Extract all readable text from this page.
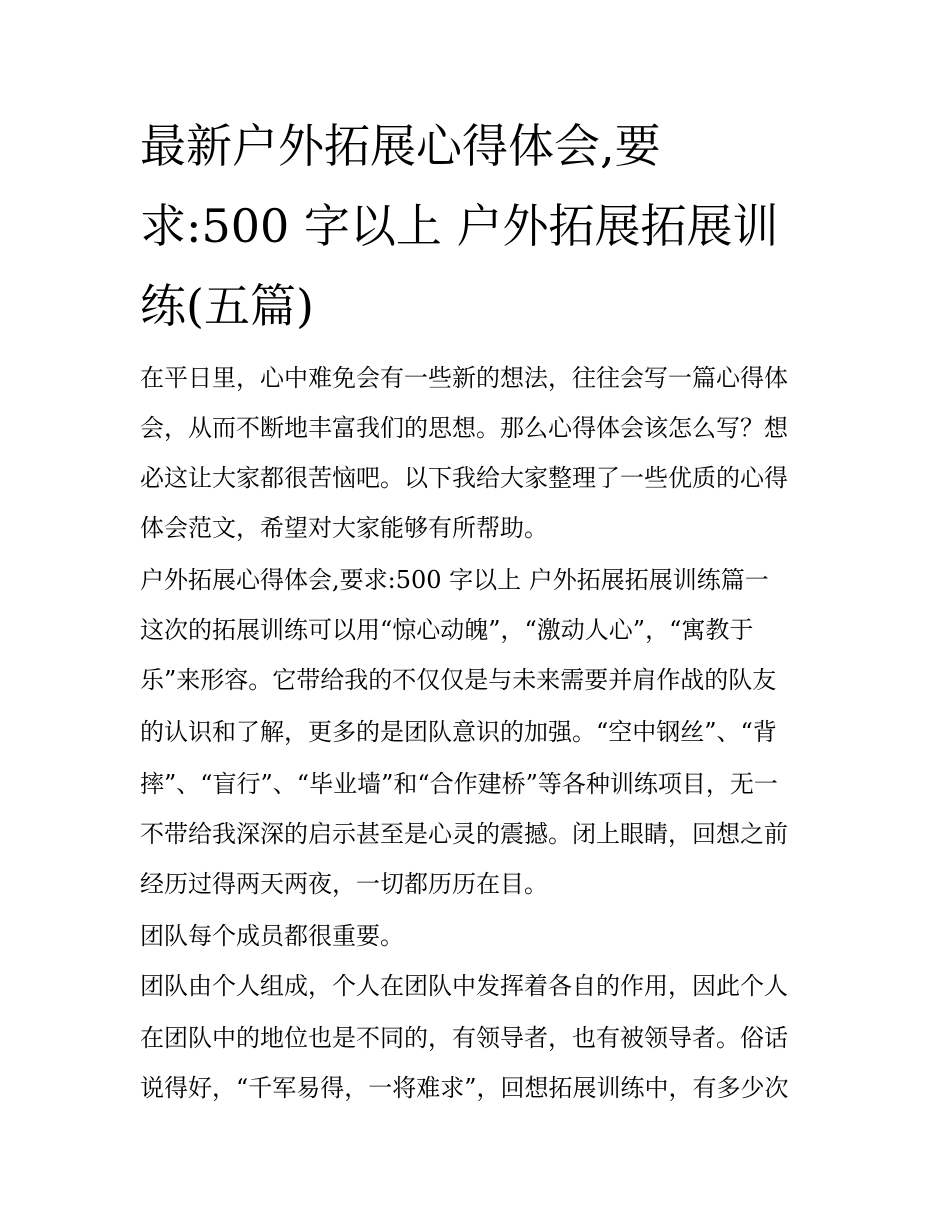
最新户外拓展心得体会,要
求:500 字以上 户外拓展拓展训
练(五篇)
在平日里，心中难免会有一些新的想法，往往会写一篇心得体
会，从而不断地丰富我们的思想。那么心得体会该怎么写？想
必这让大家都很苦恼吧。以下我给大家整理了一些优质的心得
体会范文，希望对大家能够有所帮助。
户外拓展心得体会,要求:500 字以上 户外拓展拓展训练篇一
这次的拓展训练可以用“惊心动魄”，“激动人心”，“寓教于
乐”来形容。它带给我的不仅仅是与未来需要并肩作战的队友
的认识和了解，更多的是团队意识的加强。“空中钢丝”、“背
摔”、“盲行”、“毕业墙”和“合作建桥”等各种训练项目，无一
不带给我深深的启示甚至是心灵的震撼。闭上眼睛，回想之前
经历过得两天两夜，一切都历历在目。
团队每个成员都很重要。
团队由个人组成，个人在团队中发挥着各自的作用，因此个人
在团队中的地位也是不同的，有领导者，也有被领导者。俗话
说得好，“千军易得，一将难求”，回想拓展训练中，有多少次
